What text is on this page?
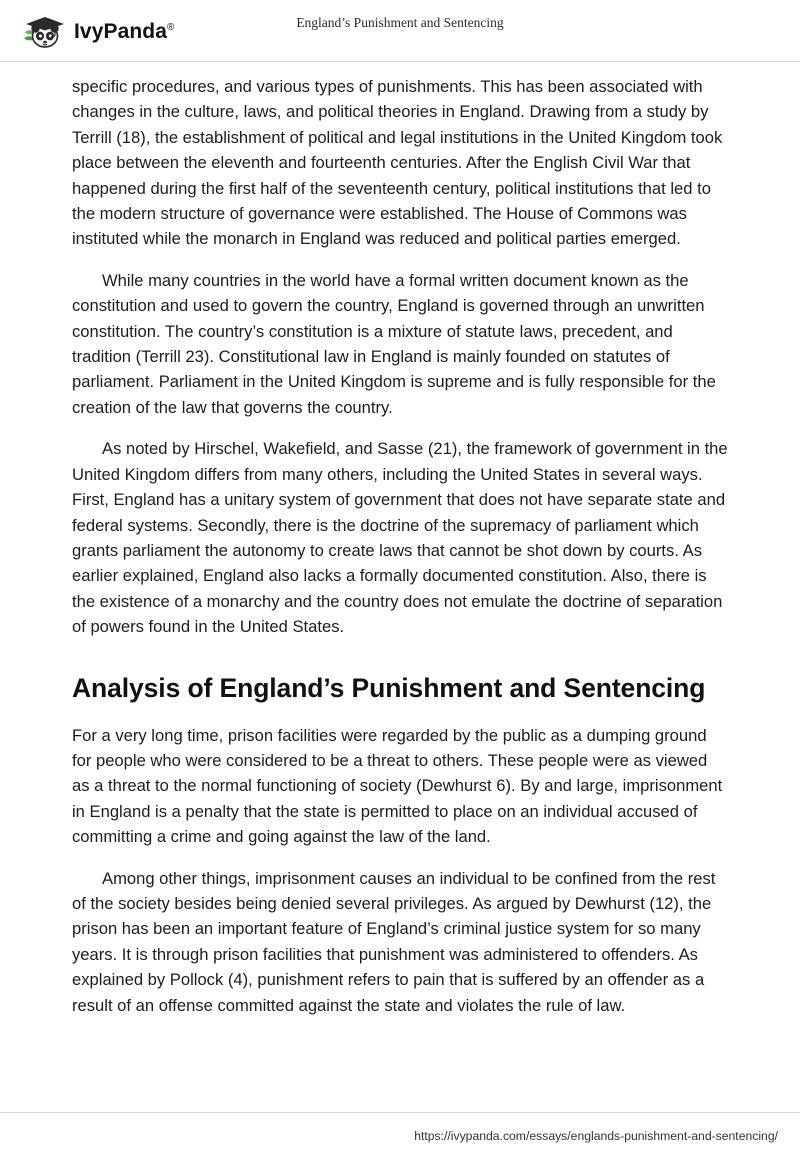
IvyPanda®	England’s Punishment and Sentencing

specific procedures, and various types of punishments. This has been associated with changes in the culture, laws, and political theories in England. Drawing from a study by Terrill (18), the establishment of political and legal institutions in the United Kingdom took place between the eleventh and fourteenth centuries. After the English Civil War that happened during the first half of the seventeenth century, political institutions that led to the modern structure of governance were established. The House of Commons was instituted while the monarch in England was reduced and political parties emerged.

While many countries in the world have a formal written document known as the constitution and used to govern the country, England is governed through an unwritten constitution. The country’s constitution is a mixture of statute laws, precedent, and tradition (Terrill 23). Constitutional law in England is mainly founded on statutes of parliament. Parliament in the United Kingdom is supreme and is fully responsible for the creation of the law that governs the country.

As noted by Hirschel, Wakefield, and Sasse (21), the framework of government in the United Kingdom differs from many others, including the United States in several ways. First, England has a unitary system of government that does not have separate state and federal systems. Secondly, there is the doctrine of the supremacy of parliament which grants parliament the autonomy to create laws that cannot be shot down by courts. As earlier explained, England also lacks a formally documented constitution. Also, there is the existence of a monarchy and the country does not emulate the doctrine of separation of powers found in the United States.

Analysis of England’s Punishment and Sentencing

For a very long time, prison facilities were regarded by the public as a dumping ground for people who were considered to be a threat to others. These people were as viewed as a threat to the normal functioning of society (Dewhurst 6). By and large, imprisonment in England is a penalty that the state is permitted to place on an individual accused of committing a crime and going against the law of the land.

Among other things, imprisonment causes an individual to be confined from the rest of the society besides being denied several privileges. As argued by Dewhurst (12), the prison has been an important feature of England’s criminal justice system for so many years. It is through prison facilities that punishment was administered to offenders. As explained by Pollock (4), punishment refers to pain that is suffered by an offender as a result of an offense committed against the state and violates the rule of law.

https://ivypanda.com/essays/englands-punishment-and-sentencing/
